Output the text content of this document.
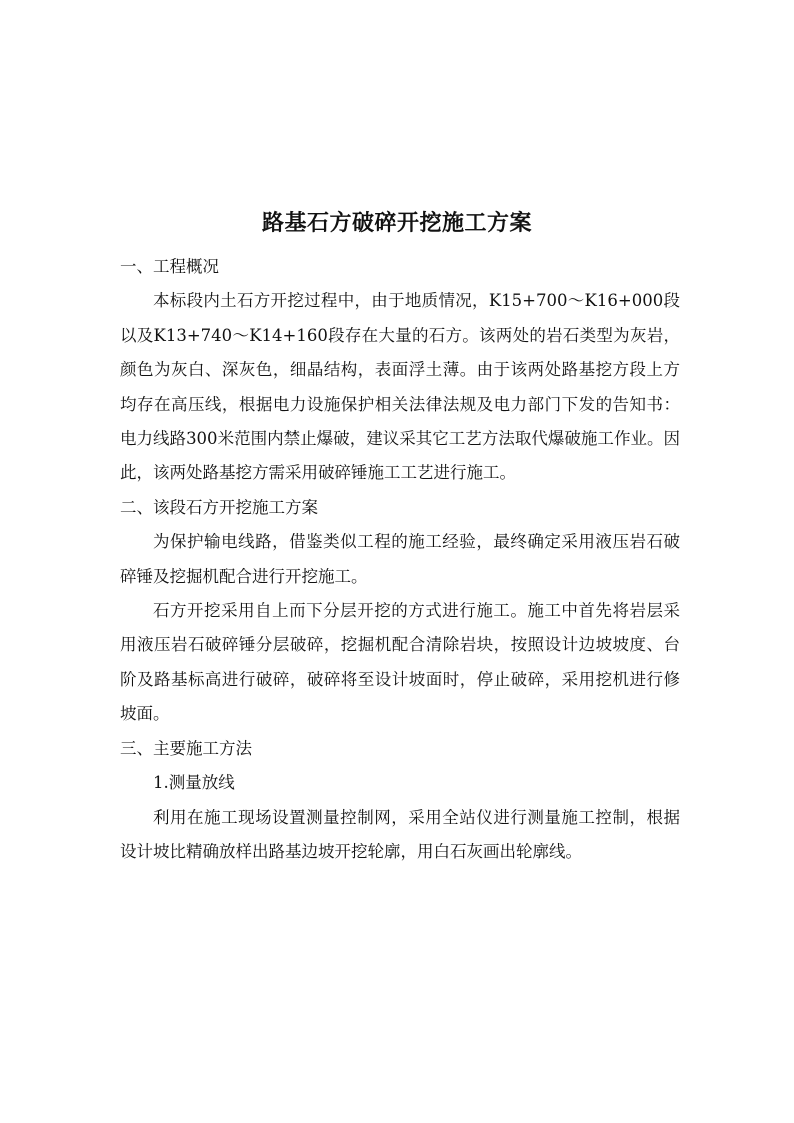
路基石方破碎开挖施工方案

一、工程概况

本标段内土石方开挖过程中，由于地质情况，K15+700～K16+000段以及K13+740～K14+160段存在大量的石方。该两处的岩石类型为灰岩，颜色为灰白、深灰色，细晶结构，表面浮土薄。由于该两处路基挖方段上方均存在高压线，根据电力设施保护相关法律法规及电力部门下发的告知书：电力线路300米范围内禁止爆破，建议采其它工艺方法取代爆破施工作业。因此，该两处路基挖方需采用破碎锤施工工艺进行施工。

二、该段石方开挖施工方案

为保护输电线路，借鉴类似工程的施工经验，最终确定采用液压岩石破碎锤及挖掘机配合进行开挖施工。

石方开挖采用自上而下分层开挖的方式进行施工。施工中首先将岩层采用液压岩石破碎锤分层破碎，挖掘机配合清除岩块，按照设计边坡坡度、台阶及路基标高进行破碎，破碎将至设计坡面时，停止破碎，采用挖机进行修坡面。

三、主要施工方法

1.测量放线

利用在施工现场设置测量控制网，采用全站仪进行测量施工控制，根据设计坡比精确放样出路基边坡开挖轮廓，用白石灰画出轮廓线。
